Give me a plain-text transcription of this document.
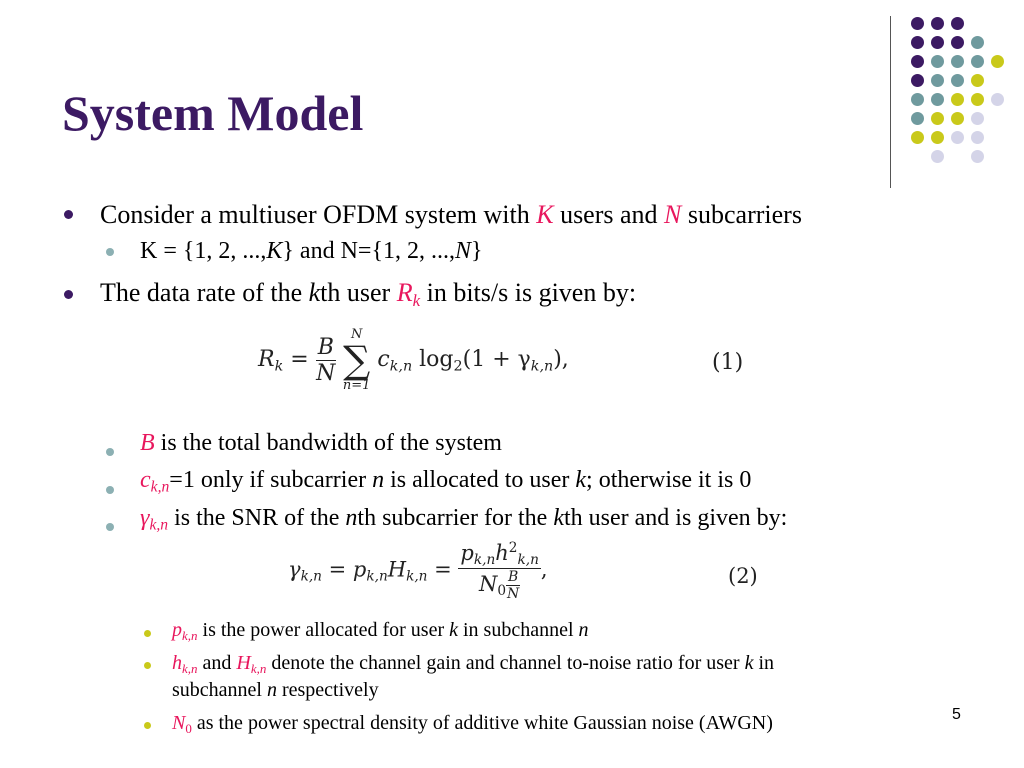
System Model
Consider a multiuser OFDM system with K users and N subcarriers
K = {1, 2, ...,K} and N={1, 2, ...,N}
The data rate of the kth user $R_k$ in bits/s is given by:
$R_k = \frac{B}{N}$
	N
∑
n=1
$c_{k,n}$ $\log_2(1 + \gamma_{k,n})$,	(1)
B is the total bandwidth of the system
$c_{k,n}=1$ only if subcarrier n is allocated to user k; otherwise it is 0
$\gamma_{k,n}$ is the SNR of the nth subcarrier for the kth user and is given by:
$\gamma_{k,n} = p_{k,n}H_{k,n} = \frac{p_{k,n}h^2_{k,n}}{N_0 \frac{B}{N}}$ ,	(2)
$p_{k,n}$ is the power allocated for user k in subchannel n
$h_{k,n}$ and $H_{k,n}$ denote the channel gain and channel to-noise ratio for user k in
subchannel n respectively
$N_0$ as the power spectral density of additive white Gaussian noise (AWGN)	5
